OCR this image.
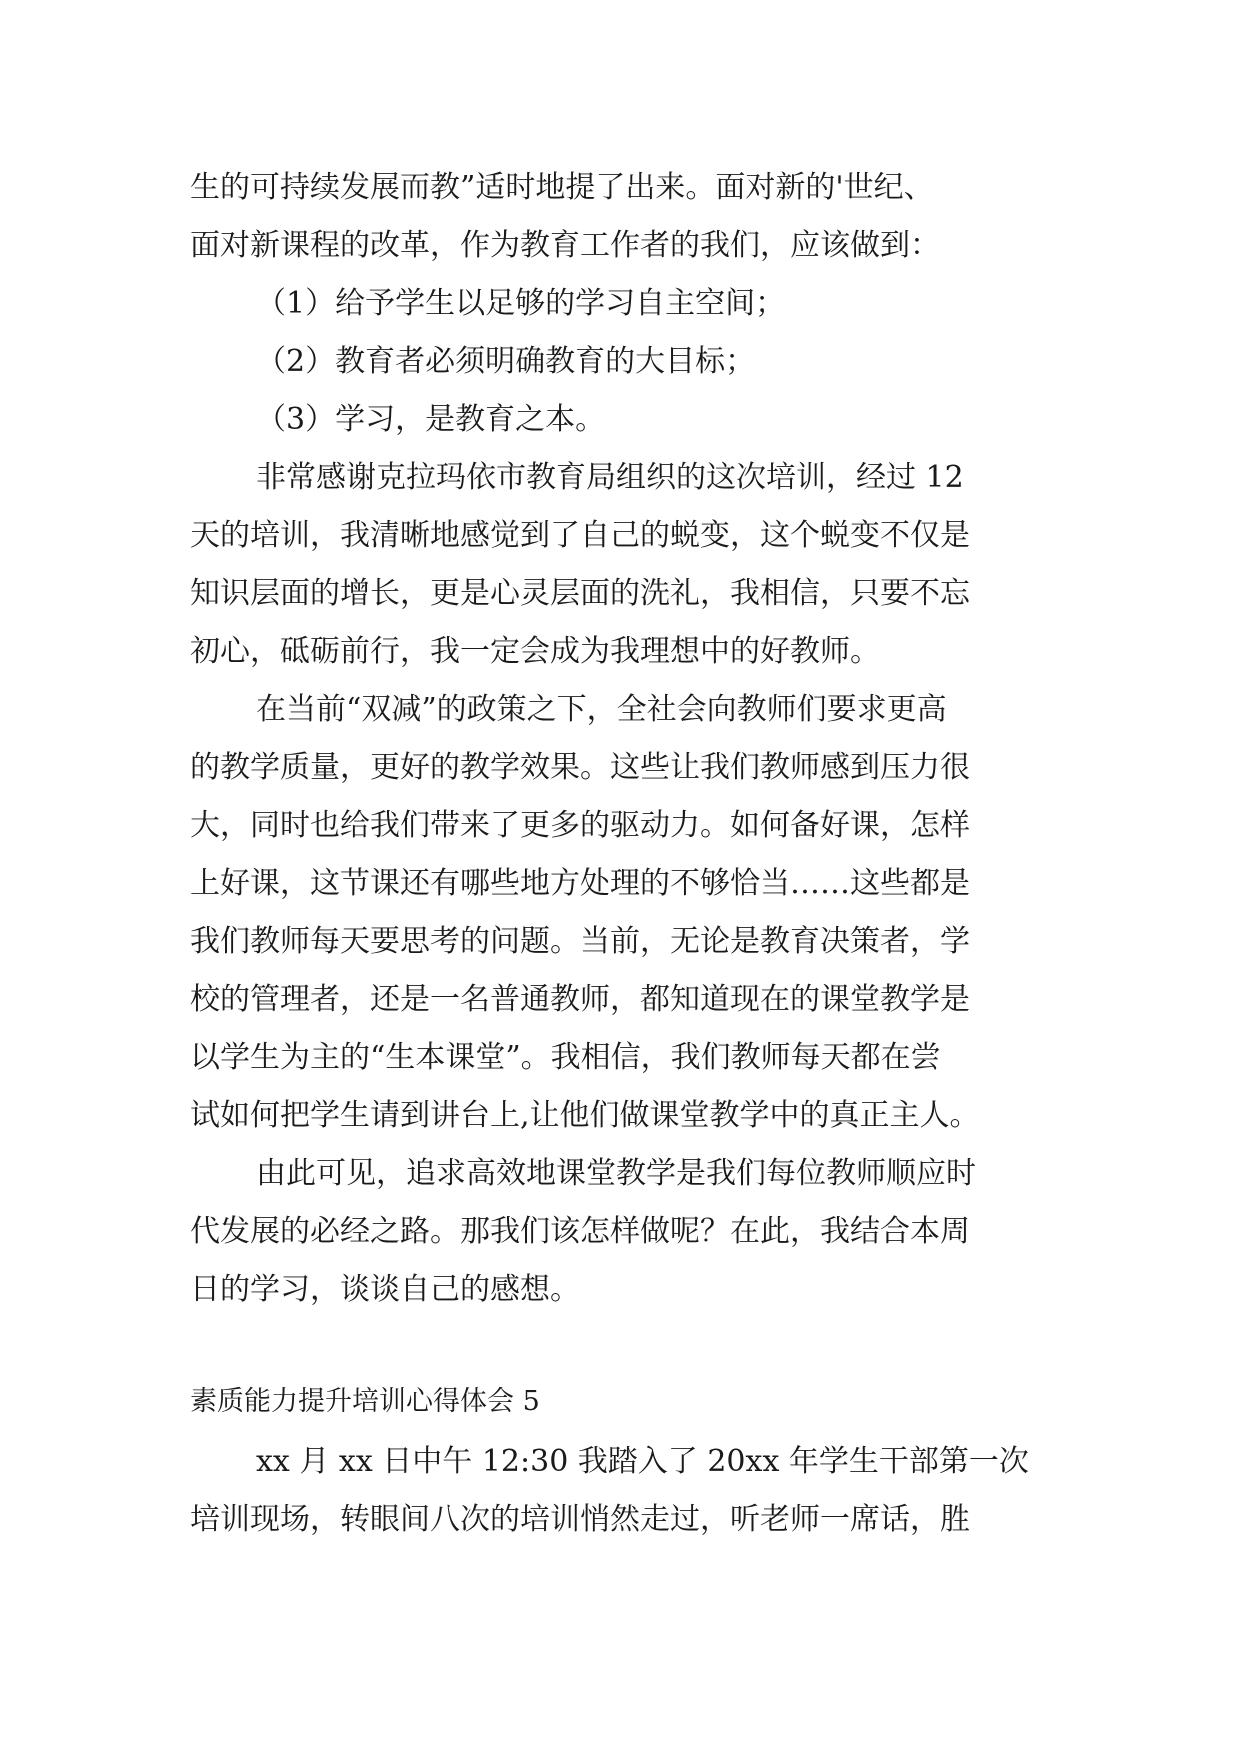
生的可持续发展而教”适时地提了出来。面对新的'世纪、
面对新课程的改革，作为教育工作者的我们，应该做到：
（1）给予学生以足够的学习自主空间；
（2）教育者必须明确教育的大目标；
（3）学习，是教育之本。
非常感谢克拉玛依市教育局组织的这次培训，经过 12
天的培训，我清晰地感觉到了自己的蜕变，这个蜕变不仅是
知识层面的增长，更是心灵层面的洗礼，我相信，只要不忘
初心，砥砺前行，我一定会成为我理想中的好教师。
在当前“双减”的政策之下，全社会向教师们要求更高
的教学质量，更好的教学效果。这些让我们教师感到压力很
大，同时也给我们带来了更多的驱动力。如何备好课，怎样
上好课，这节课还有哪些地方处理的不够恰当……这些都是
我们教师每天要思考的问题。当前，无论是教育决策者，学
校的管理者，还是一名普通教师，都知道现在的课堂教学是
以学生为主的“生本课堂”。我相信，我们教师每天都在尝
试如何把学生请到讲台上,让他们做课堂教学中的真正主人。
由此可见，追求高效地课堂教学是我们每位教师顺应时
代发展的必经之路。那我们该怎样做呢？在此，我结合本周
日的学习，谈谈自己的感想。
素质能力提升培训心得体会 5
xx 月 xx 日中午 12:30 我踏入了 20xx 年学生干部第一次
培训现场，转眼间八次的培训悄然走过，听老师一席话，胜
